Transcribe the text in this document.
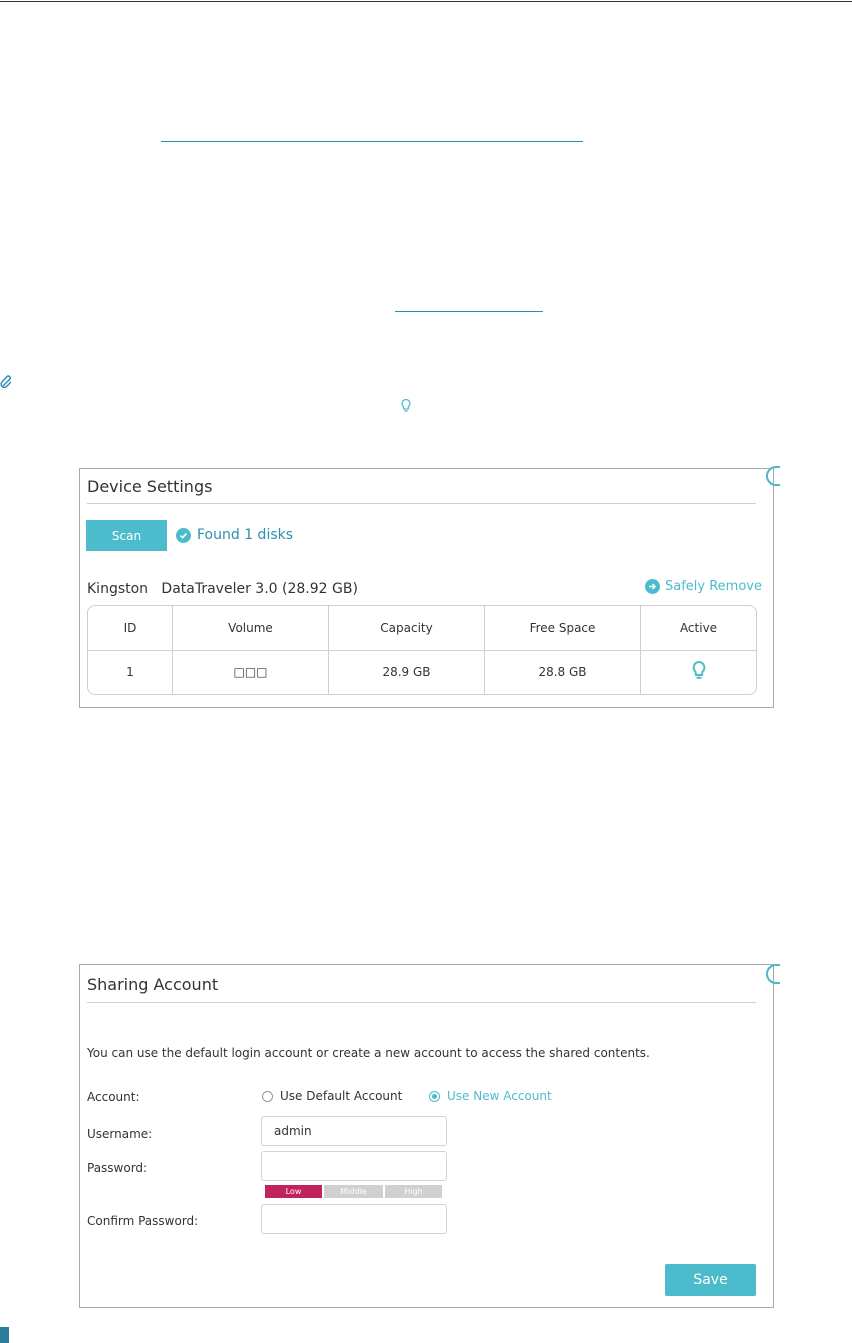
Device Settings
Scan	Found 1 disks
Kingston DataTraveler 3.0 (28.92 GB)	Safely Remove
ID	Volume	Capacity	Free Space	Active
1	□□□	28.9 GB	28.8 GB	
Sharing Account
You can use the default login account or create a new account to access the shared contents.
Account:	Use Default Account	Use New Account
Username:
admin
Password:
Low	Middle	High
Confirm Password:
Save
